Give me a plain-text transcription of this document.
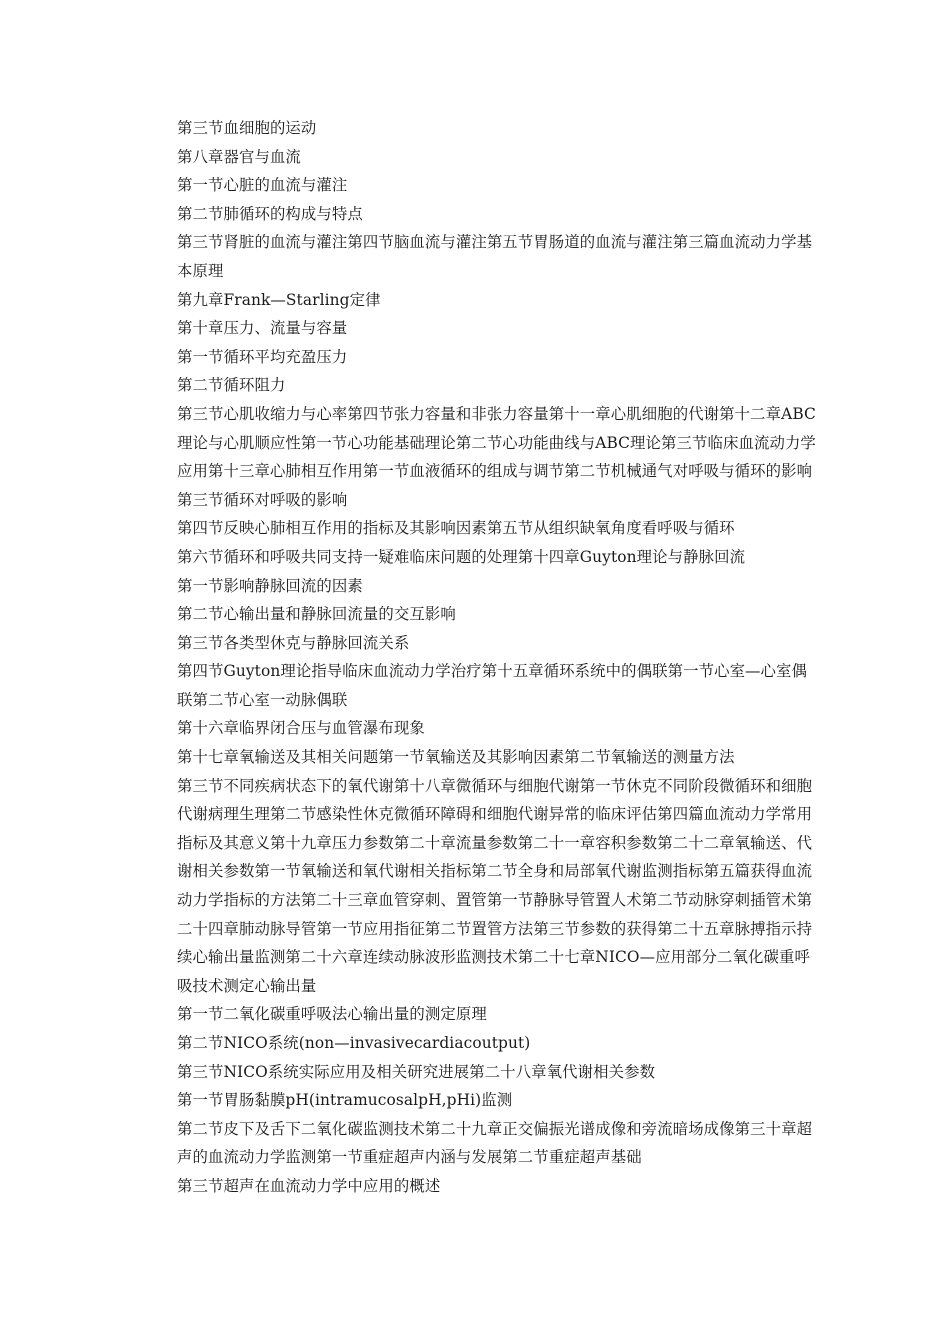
第三节血细胞的运动

第八章器官与血流

第一节心脏的血流与灌注

第二节肺循环的构成与特点

第三节肾脏的血流与灌注第四节脑血流与灌注第五节胃肠道的血流与灌注第三篇血流动力学基本原理

第九章Frank—Starling定律

第十章压力、流量与容量

第一节循环平均充盈压力

第二节循环阻力

第三节心肌收缩力与心率第四节张力容量和非张力容量第十一章心肌细胞的代谢第十二章ABC理论与心肌顺应性第一节心功能基础理论第二节心功能曲线与ABC理论第三节临床血流动力学应用第十三章心肺相互作用第一节血液循环的组成与调节第二节机械通气对呼吸与循环的影响第三节循环对呼吸的影响

第四节反映心肺相互作用的指标及其影响因素第五节从组织缺氧角度看呼吸与循环

第六节循环和呼吸共同支持一疑难临床问题的处理第十四章Guyton理论与静脉回流

第一节影响静脉回流的因素

第二节心输出量和静脉回流量的交互影响

第三节各类型休克与静脉回流关系

第四节Guyton理论指导临床血流动力学治疗第十五章循环系统中的偶联第一节心室—心室偶联第二节心室一动脉偶联

第十六章临界闭合压与血管瀑布现象

第十七章氧输送及其相关问题第一节氧输送及其影响因素第二节氧输送的测量方法

第三节不同疾病状态下的氧代谢第十八章微循环与细胞代谢第一节休克不同阶段微循环和细胞代谢病理生理第二节感染性休克微循环障碍和细胞代谢异常的临床评估第四篇血流动力学常用指标及其意义第十九章压力参数第二十章流量参数第二十一章容积参数第二十二章氧输送、代谢相关参数第一节氧输送和氧代谢相关指标第二节全身和局部氧代谢监测指标第五篇获得血流动力学指标的方法第二十三章血管穿刺、置管第一节静脉导管置人术第二节动脉穿刺插管术第二十四章肺动脉导管第一节应用指征第二节置管方法第三节参数的获得第二十五章脉搏指示持续心输出量监测第二十六章连续动脉波形监测技术第二十七章NICO—应用部分二氧化碳重呼吸技术测定心输出量

第一节二氧化碳重呼吸法心输出量的测定原理

第二节NICO系统(non—invasivecardiacoutput)

第三节NICO系统实际应用及相关研究进展第二十八章氧代谢相关参数

第一节胃肠黏膜pH(intramucosalpH,pHi)监测

第二节皮下及舌下二氧化碳监测技术第二十九章正交偏振光谱成像和旁流暗场成像第三十章超声的血流动力学监测第一节重症超声内涵与发展第二节重症超声基础

第三节超声在血流动力学中应用的概述
